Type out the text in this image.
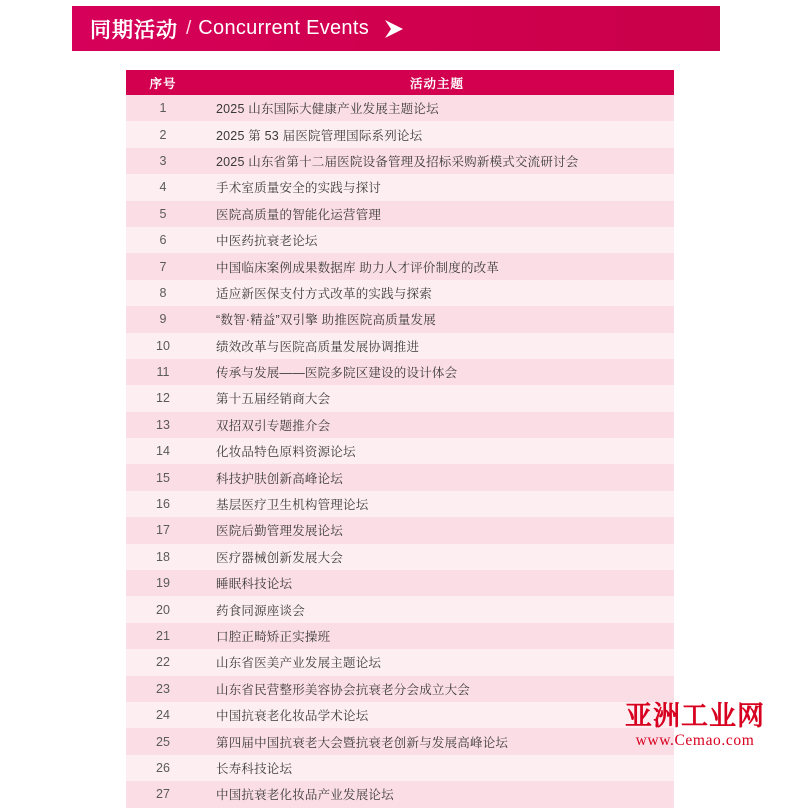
同期活动 / Concurrent Events
序号	活动主题
1	2025 山东国际大健康产业发展主题论坛
2	2025 第 53 届医院管理国际系列论坛
3	2025 山东省第十二届医院设备管理及招标采购新模式交流研讨会
4	手术室质量安全的实践与探讨
5	医院高质量的智能化运营管理
6	中医药抗衰老论坛
7	中国临床案例成果数据库 助力人才评价制度的改革
8	适应新医保支付方式改革的实践与探索
9	“数智·精益”双引擎 助推医院高质量发展
10	绩效改革与医院高质量发展协调推进
11	传承与发展——医院多院区建设的设计体会
12	第十五届经销商大会
13	双招双引专题推介会
14	化妆品特色原料资源论坛
15	科技护肤创新高峰论坛
16	基层医疗卫生机构管理论坛
17	医院后勤管理发展论坛
18	医疗器械创新发展大会
19	睡眠科技论坛
20	药食同源座谈会
21	口腔正畸矫正实操班
22	山东省医美产业发展主题论坛
23	山东省民营整形美容协会抗衰老分会成立大会
24	中国抗衰老化妆品学术论坛
25	第四届中国抗衰老大会暨抗衰老创新与发展高峰论坛
26	长寿科技论坛
27	中国抗衰老化妆品产业发展论坛
亚洲工业网
www.Cemao.com
